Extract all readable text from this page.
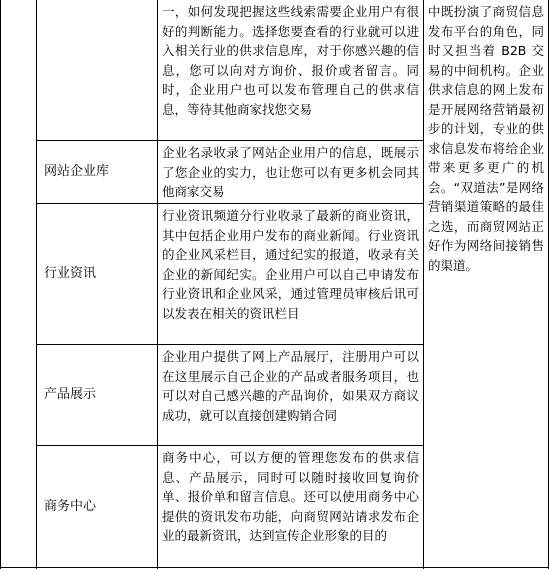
一，如何发现把握这些线索需要企业用户有很好的判断能力。选择您要查看的行业就可以进入相关行业的供求信息库，对于你感兴趣的信息，您可以向对方询价、报价或者留言。同时，企业用户也可以发布管理自己的供求信息，等待其他商家找您交易
网站企业库
企业名录收录了网站企业用户的信息，既展示了您企业的实力，也让您可以有更多机会同其他商家交易
行业资讯
行业资讯频道分行业收录了最新的商业资讯，其中包括企业用户发布的商业新闻。行业资讯的企业风采栏目，通过纪实的报道，收录有关企业的新闻纪实。企业用户可以自己申请发布行业资讯和企业风采，通过管理员审核后讯可以发表在相关的资讯栏目
产品展示
企业用户提供了网上产品展厅，注册用户可以在这里展示自己企业的产品或者服务项目，也可以对自己感兴趣的产品询价，如果双方商议成功，就可以直接创建购销合同
商务中心
商务中心，可以方便的管理您发布的供求信息、产品展示，同时可以随时接收回复询价单、报价单和留言信息。还可以使用商务中心提供的资讯发布功能，向商贸网站请求发布企业的最新资讯，达到宣传企业形象的目的
中既扮演了商贸信息发布平台的角色，同时又担当着 B2B 交易的中间机构。企业供求信息的网上发布是开展网络营销最初步的计划，专业的供求信息发布将给企业带来更多更广的机会。“双道法”是网络营销渠道策略的最佳之选，而商贸网站正好作为网络间接销售的渠道。
